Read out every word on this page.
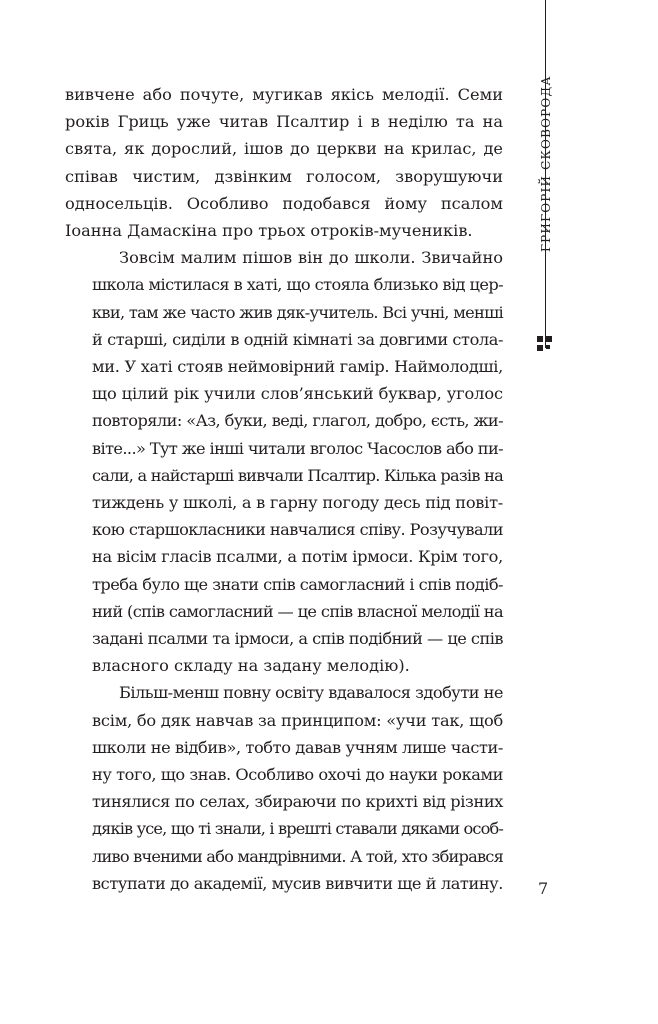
ГРИГОРІЙ СКОВОРОДА

вивчене або почуте, мугикав якісь мелодії. Семи
років Гриць уже читав Псалтир і в неділю та на
свята, як дорослий, ішов до церкви на крилас, де
співав чистим, дзвінким голосом, зворушуючи
односельців. Особливо подобався йому псалом
Іоанна Дамаскіна про трьох отроків-мучеників.

Зовсім малим пішов він до школи. Звичайно
школа містилася в хаті, що стояла близько від цер-
кви, там же часто жив дяк-учитель. Всі учні, менші
й старші, сиділи в одній кімнаті за довгими стола-
ми. У хаті стояв неймовірний гамір. Наймолодші,
що цілий рік учили слов’янський буквар, уголос
повторяли: «Аз, буки, веді, глагол, добро, єсть, жи-
віте...» Тут же інші читали вголос Часослов або пи-
сали, а найстарші вивчали Псалтир. Кілька разів на
тиждень у школі, а в гарну погоду десь під повіт-
кою старшокласники навчалися співу. Розучували
на вісім гласів псалми, а потім ірмоси. Крім того,
треба було ще знати спів самогласний і спів подіб-
ний (спів самогласний — це спів власної мелодії на
задані псалми та ірмоси, а спів подібний — це спів
власного складу на задану мелодію).

Більш-менш повну освіту вдавалося здобути не
всім, бо дяк навчав за принципом: «учи так, щоб
школи не відбив», тобто давав учням лише части-
ну того, що знав. Особливо охочі до науки роками
тинялися по селах, збираючи по крихті від різних
дяків усе, що ті знали, і врешті ставали дяками особ-
ливо вченими або мандрівними. А той, хто збирався
вступати до академії, мусив вивчити ще й латину. 7
